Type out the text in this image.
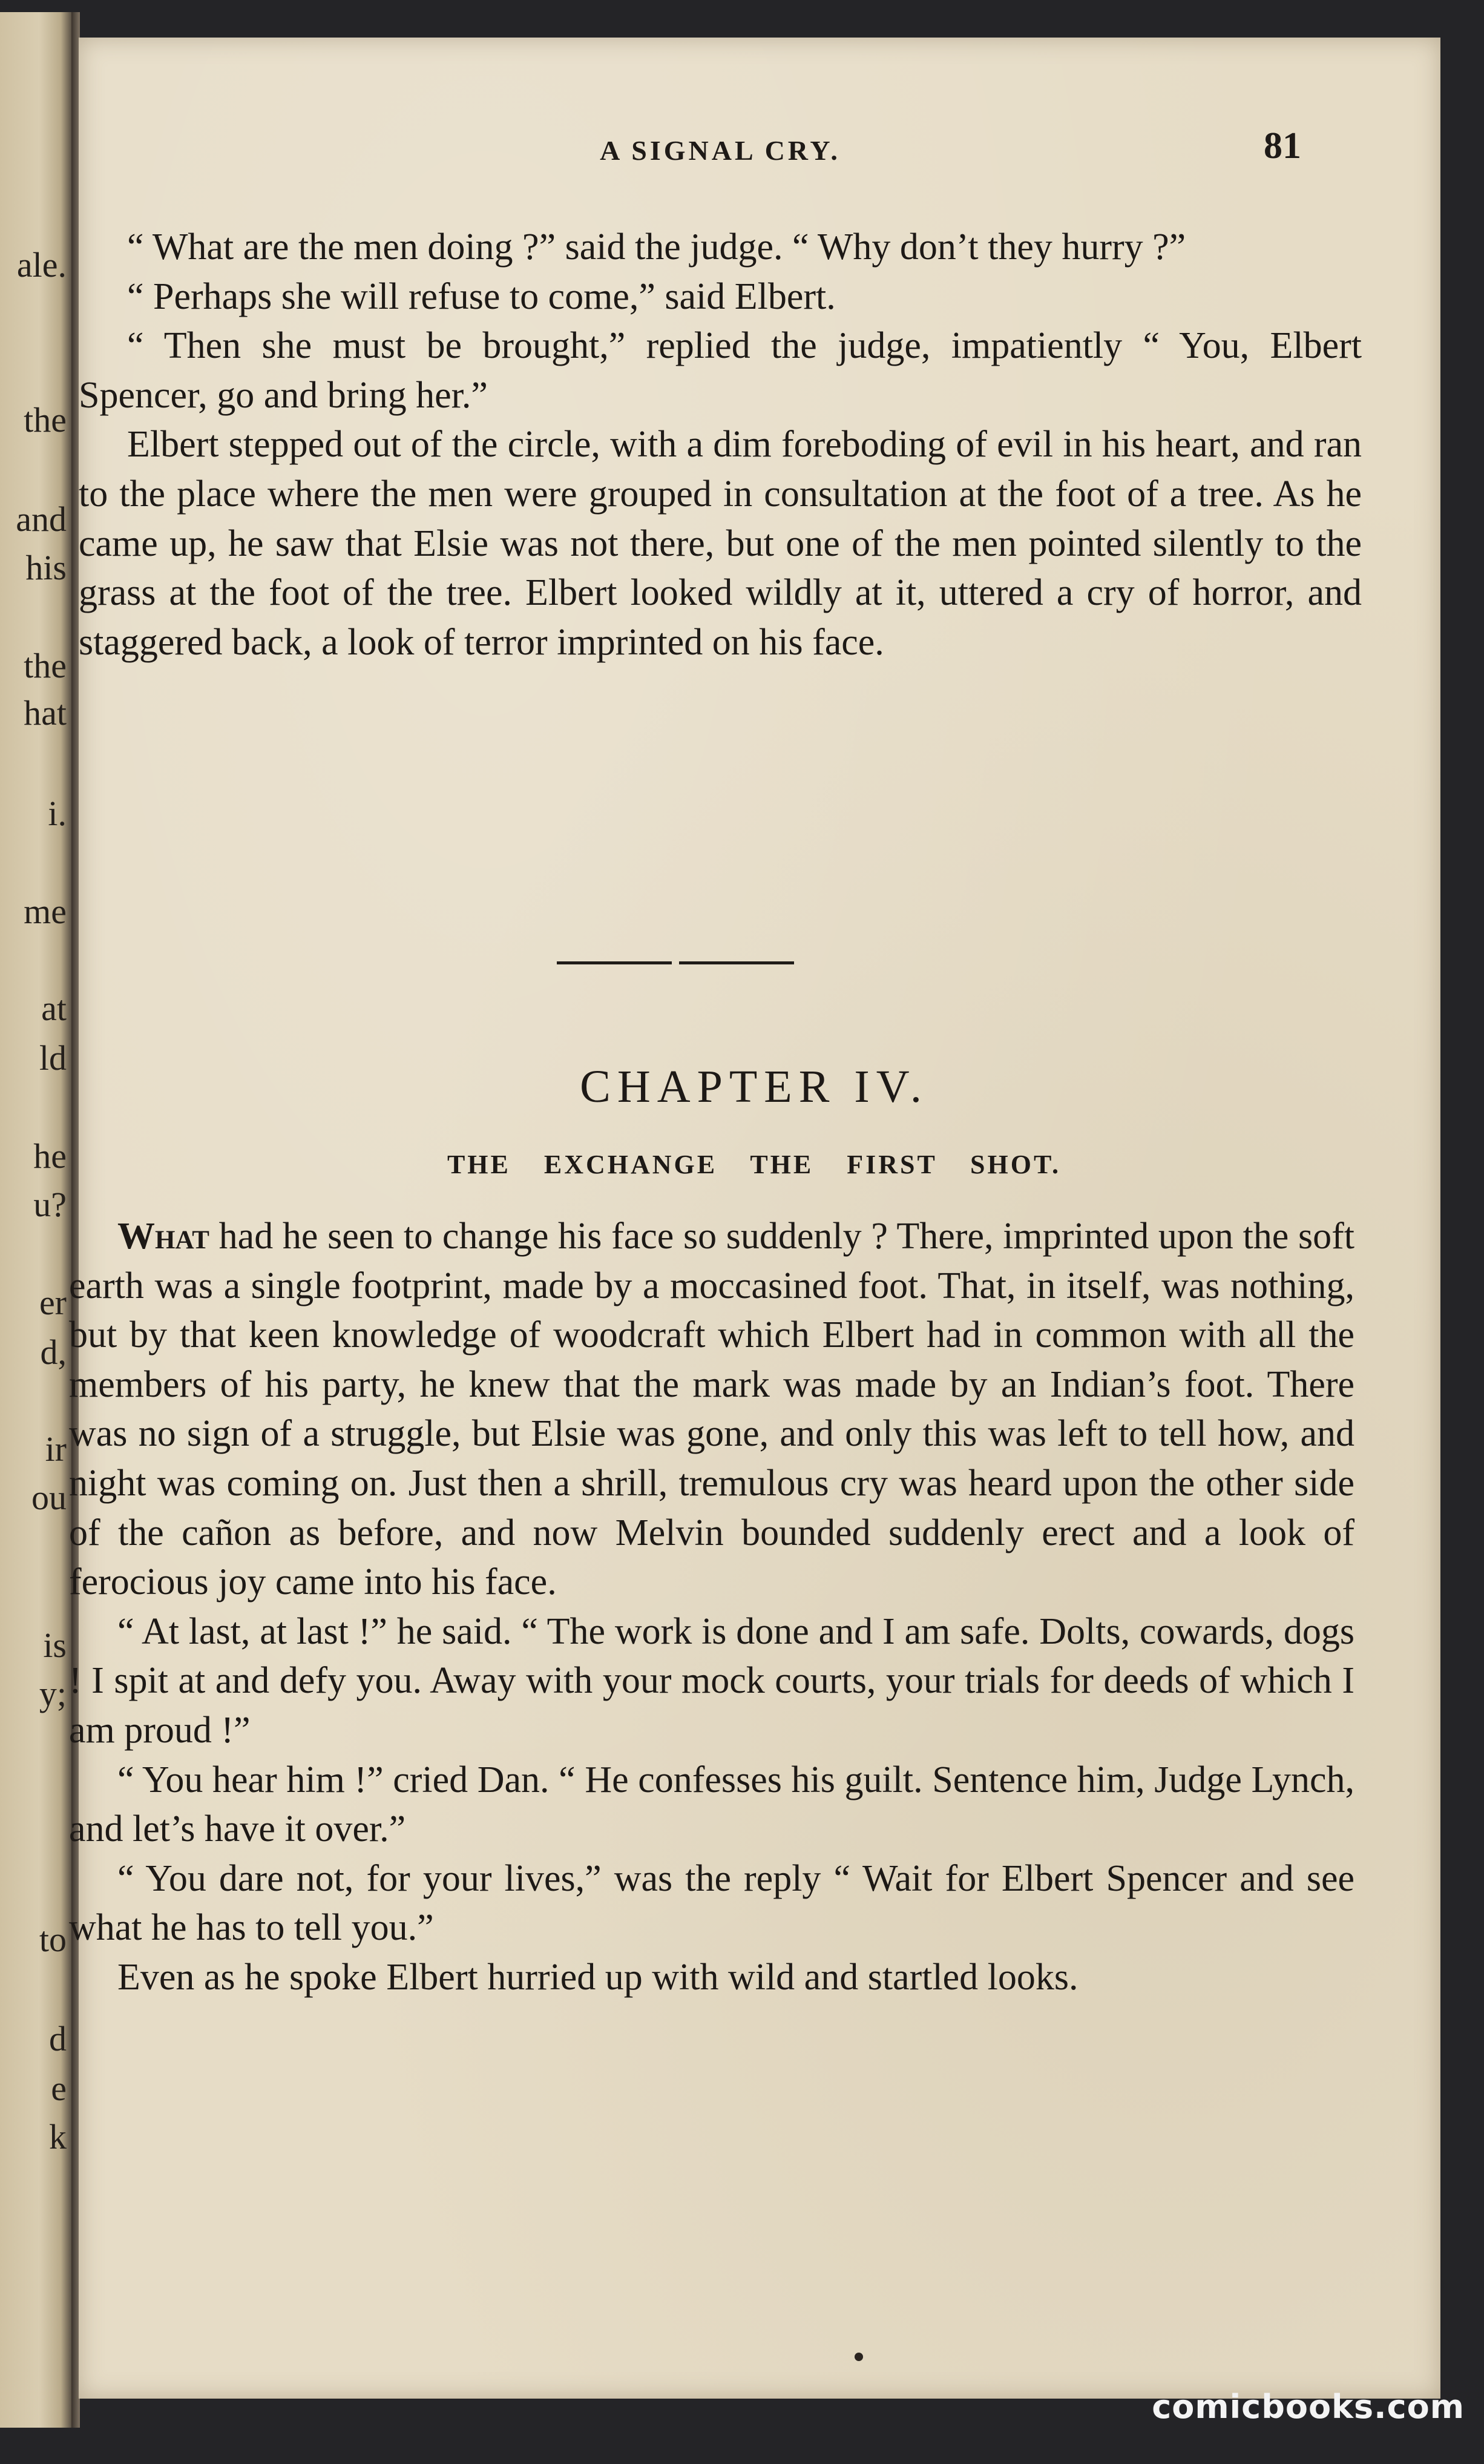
ale.
the
and
his
the
hat
i.
me
at
ld
he
u?
er
d,
ir
ou
is
y;
to
d
e
k
A SIGNAL CRY.	81

“ What are the men doing ?” said the judge. “ Why don’t they hurry ?”

“ Perhaps she will refuse to come,” said Elbert.

“ Then she must be brought,” replied the judge, impatiently “ You, Elbert Spencer, go and bring her.”

Elbert stepped out of the circle, with a dim foreboding of evil in his heart, and ran to the place where the men were grouped in consultation at the foot of a tree. As he came up, he saw that Elsie was not there, but one of the men pointed silently to the grass at the foot of the tree. Elbert looked wildly at it, uttered a cry of horror, and staggered back, a look of terror imprinted on his face.

CHAPTER IV.
THE EXCHANGE THE FIRST SHOT.

What had he seen to change his face so suddenly ? There, imprinted upon the soft earth was a single footprint, made by a moccasined foot. That, in itself, was nothing, but by that keen knowledge of woodcraft which Elbert had in common with all the members of his party, he knew that the mark was made by an Indian’s foot. There was no sign of a struggle, but Elsie was gone, and only this was left to tell how, and night was coming on. Just then a shrill, tremulous cry was heard upon the other side of the cañon as before, and now Melvin bounded suddenly erect and a look of ferocious joy came into his face.

“ At last, at last !” he said. “ The work is done and I am safe. Dolts, cowards, dogs ! I spit at and defy you. Away with your mock courts, your trials for deeds of which I am proud !”

“ You hear him !” cried Dan. “ He confesses his guilt. Sentence him, Judge Lynch, and let’s have it over.”

“ You dare not, for your lives,” was the reply “ Wait for Elbert Spencer and see what he has to tell you.”

Even as he spoke Elbert hurried up with wild and startled looks.

comicbooks.com
